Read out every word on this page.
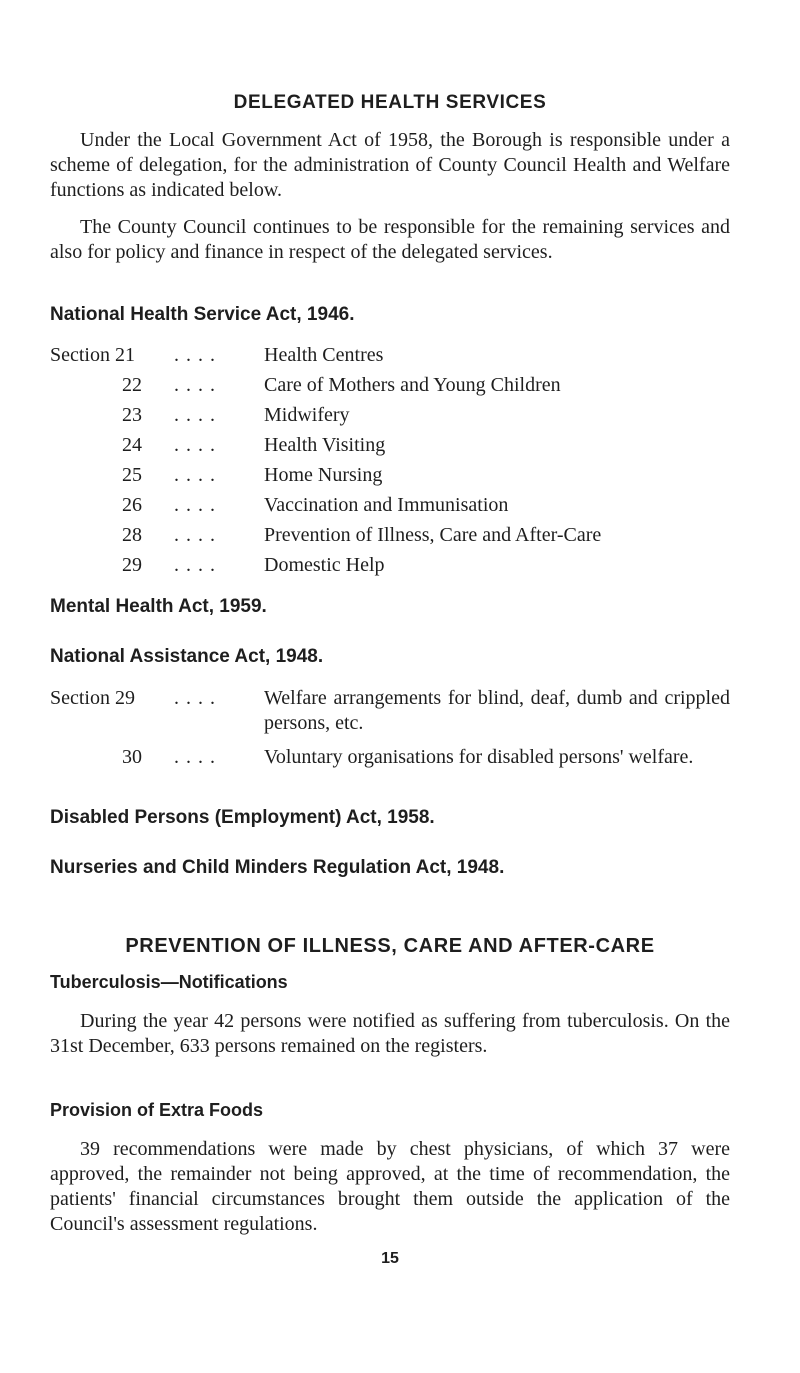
DELEGATED HEALTH SERVICES

Under the Local Government Act of 1958, the Borough is responsible under a scheme of delegation, for the administration of County Council Health and Welfare functions as indicated below.

The County Council continues to be responsible for the remaining services and also for policy and finance in respect of the delegated services.

National Health Service Act, 1946.
Section 21	. . . . Health Centres
22 . . . . Care of Mothers and Young Children
23 . . . . Midwifery
24 . . . . Health Visiting
25 . . . . Home Nursing
26 . . . . Vaccination and Immunisation
28 . . . . Prevention of Illness, Care and After-Care
29 . . . . Domestic Help
Mental Health Act, 1959.
National Assistance Act, 1948.
Section 29	. . . . Welfare arrangements for blind, deaf, dumb and crippled persons, etc.
30 . . . . Voluntary organisations for disabled persons' welfare.
Disabled Persons (Employment) Act, 1958.
Nurseries and Child Minders Regulation Act, 1948.
PREVENTION OF ILLNESS, CARE AND AFTER-CARE
Tuberculosis—Notifications

During the year 42 persons were notified as suffering from tuberculosis. On the 31st December, 633 persons remained on the registers.

Provision of Extra Foods

39 recommendations were made by chest physicians, of which 37 were approved, the remainder not being approved, at the time of recommendation, the patients' financial circumstances brought them outside the application of the Council's assessment regulations.

15
